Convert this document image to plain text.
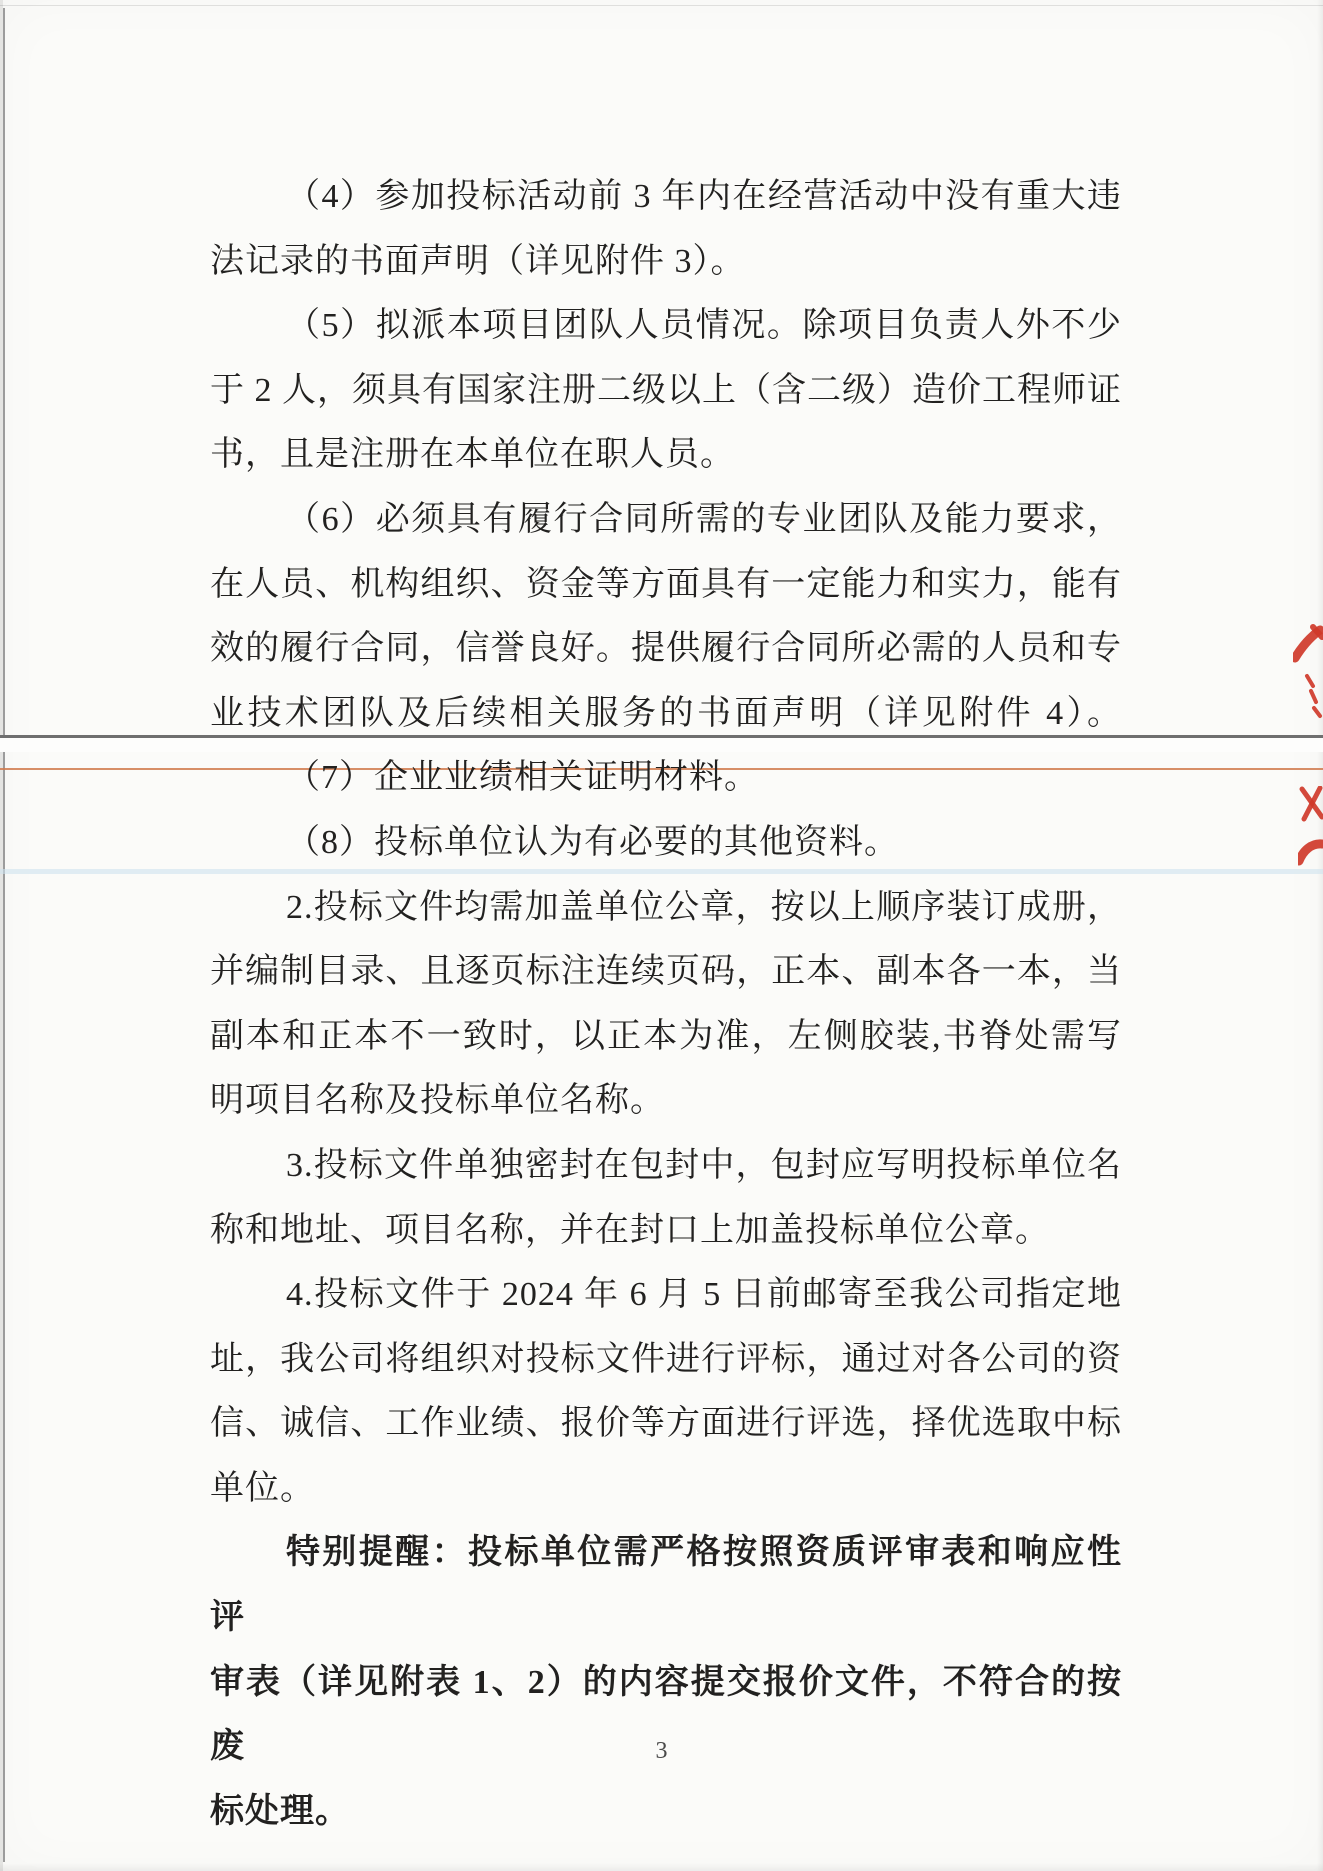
（4）参加投标活动前 3 年内在经营活动中没有重大违
法记录的书面声明（详见附件 3）。
（5）拟派本项目团队人员情况。除项目负责人外不少
于 2 人，须具有国家注册二级以上（含二级）造价工程师证
书，且是注册在本单位在职人员。
（6）必须具有履行合同所需的专业团队及能力要求，
在人员、机构组织、资金等方面具有一定能力和实力，能有
效的履行合同，信誉良好。提供履行合同所必需的人员和专
业技术团队及后续相关服务的书面声明（详见附件 4）。
（7）企业业绩相关证明材料。
（8）投标单位认为有必要的其他资料。
2.投标文件均需加盖单位公章，按以上顺序装订成册，
并编制目录、且逐页标注连续页码，正本、副本各一本，当
副本和正本不一致时，以正本为准，左侧胶装,书脊处需写
明项目名称及投标单位名称。
3.投标文件单独密封在包封中，包封应写明投标单位名
称和地址、项目名称，并在封口上加盖投标单位公章。
4.投标文件于 2024 年 6 月 5 日前邮寄至我公司指定地
址，我公司将组织对投标文件进行评标，通过对各公司的资
信、诚信、工作业绩、报价等方面进行评选，择优选取中标
单位。
特别提醒：投标单位需严格按照资质评审表和响应性评
审表（详见附表 1、2）的内容提交报价文件，不符合的按废
标处理。
3
